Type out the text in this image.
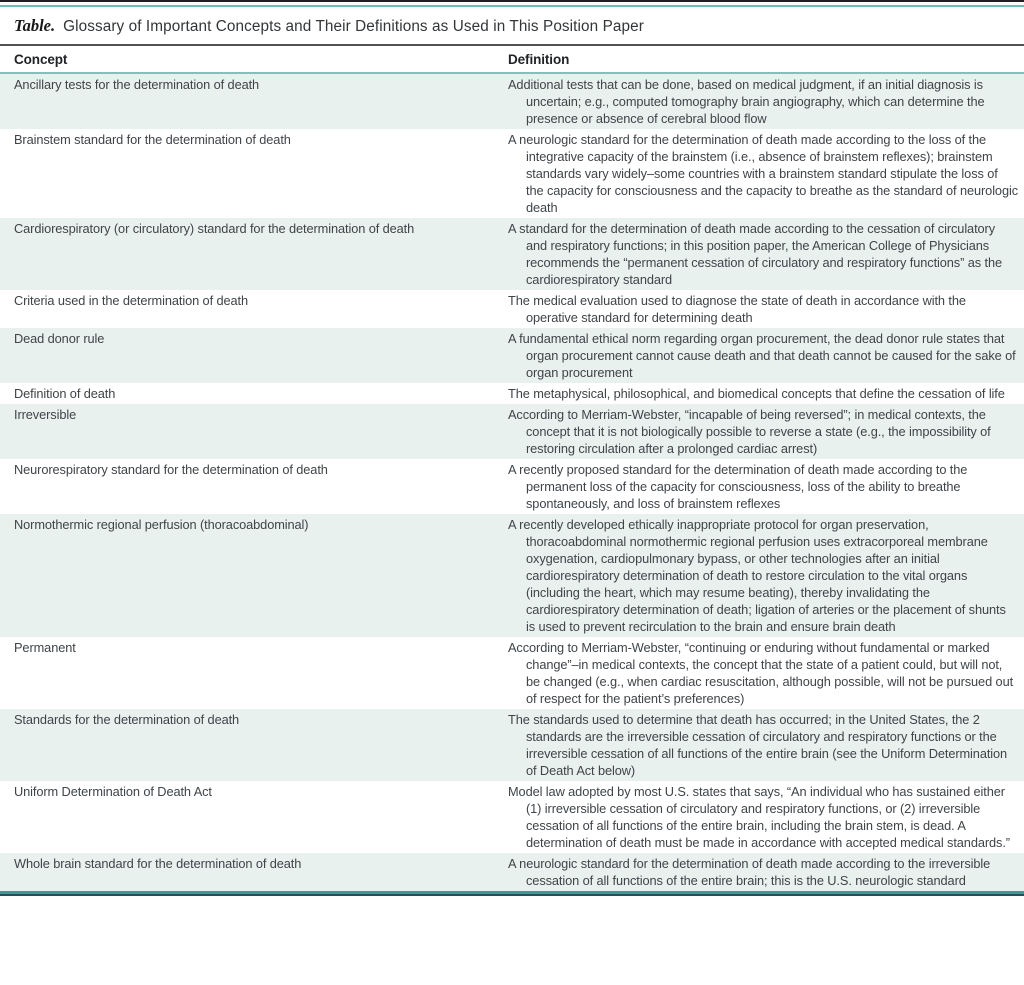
Table. Glossary of Important Concepts and Their Definitions as Used in This Position Paper
Concept	Definition
Ancillary tests for the determination of death	Additional tests that can be done, based on medical judgment, if an initial diagnosis is uncertain; e.g., computed tomography brain angiography, which can determine the presence or absence of cerebral blood flow

Brainstem standard for the determination of death	A neurologic standard for the determination of death made according to the loss of the integrative capacity of the brainstem (i.e., absence of brainstem reflexes); brainstem standards vary widely–some countries with a brainstem standard stipulate the loss of the capacity for consciousness and the capacity to breathe as the standard of neurologic death

Cardiorespiratory (or circulatory) standard for the determination of death	A standard for the determination of death made according to the cessation of circulatory and respiratory functions; in this position paper, the American College of Physicians recommends the “permanent cessation of circulatory and respiratory functions” as the cardiorespiratory standard

Criteria used in the determination of death	The medical evaluation used to diagnose the state of death in accordance with the operative standard for determining death

Dead donor rule	A fundamental ethical norm regarding organ procurement, the dead donor rule states that organ procurement cannot cause death and that death cannot be caused for the sake of organ procurement

Definition of death	The metaphysical, philosophical, and biomedical concepts that define the cessation of life

Irreversible	According to Merriam-Webster, “incapable of being reversed”; in medical contexts, the concept that it is not biologically possible to reverse a state (e.g., the impossibility of restoring circulation after a prolonged cardiac arrest)

Neurorespiratory standard for the determination of death	A recently proposed standard for the determination of death made according to the permanent loss of the capacity for consciousness, loss of the ability to breathe spontaneously, and loss of brainstem reflexes

Normothermic regional perfusion (thoracoabdominal)	A recently developed ethically inappropriate protocol for organ preservation, thoracoabdominal normothermic regional perfusion uses extracorporeal membrane oxygenation, cardiopulmonary bypass, or other technologies after an initial cardiorespiratory determination of death to restore circulation to the vital organs (including the heart, which may resume beating), thereby invalidating the cardiorespiratory determination of death; ligation of arteries or the placement of shunts is used to prevent recirculation to the brain and ensure brain death

Permanent	According to Merriam-Webster, “continuing or enduring without fundamental or marked change”–in medical contexts, the concept that the state of a patient could, but will not, be changed (e.g., when cardiac resuscitation, although possible, will not be pursued out of respect for the patient’s preferences)

Standards for the determination of death	The standards used to determine that death has occurred; in the United States, the 2 standards are the irreversible cessation of circulatory and respiratory functions or the irreversible cessation of all functions of the entire brain (see the Uniform Determination of Death Act below)

Uniform Determination of Death Act	Model law adopted by most U.S. states that says, “An individual who has sustained either (1) irreversible cessation of circulatory and respiratory functions, or (2) irreversible cessation of all functions of the entire brain, including the brain stem, is dead. A determination of death must be made in accordance with accepted medical standards.”

Whole brain standard for the determination of death	A neurologic standard for the determination of death made according to the irreversible cessation of all functions of the entire brain; this is the U.S. neurologic standard
